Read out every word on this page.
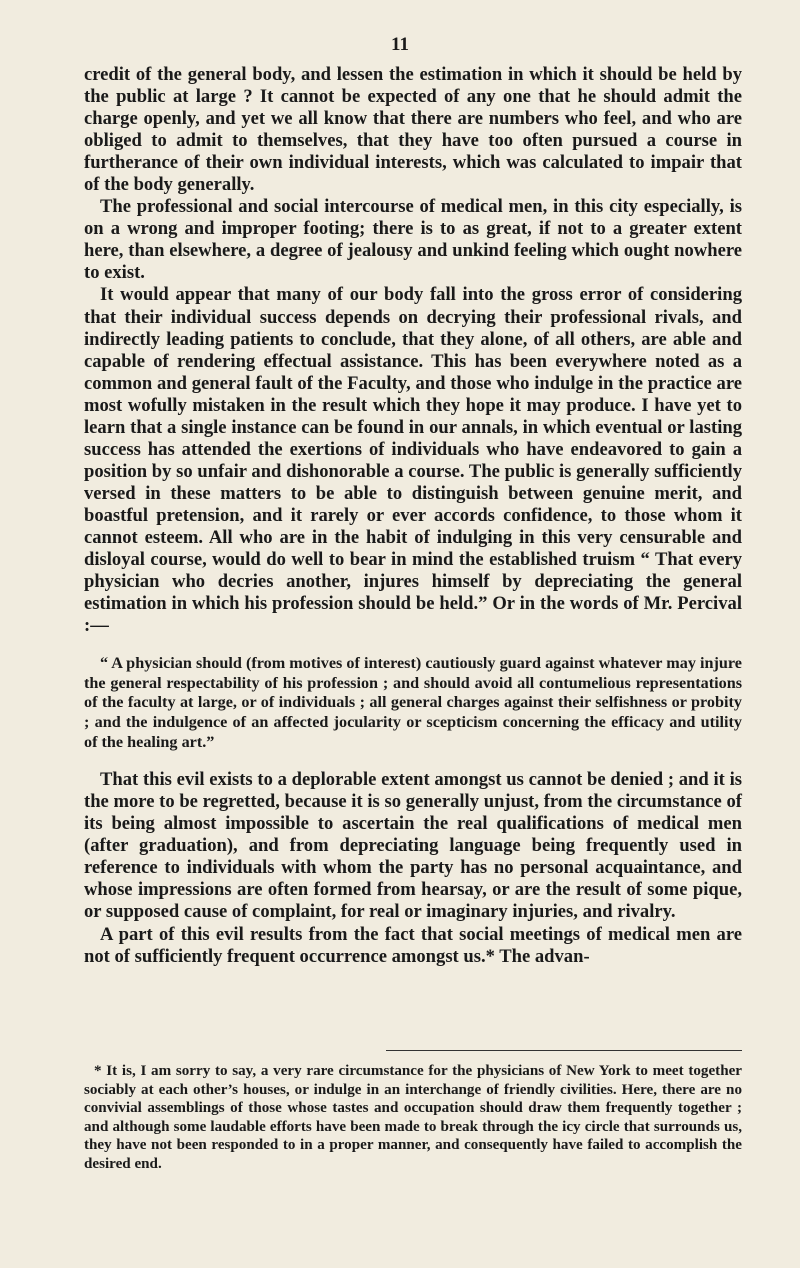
11

credit of the general body, and lessen the estimation in which it should be held by the public at large ? It cannot be expected of any one that he should admit the charge openly, and yet we all know that there are numbers who feel, and who are obliged to admit to themselves, that they have too often pursued a course in furtherance of their own individual interests, which was calculated to impair that of the body generally.

The professional and social intercourse of medical men, in this city especially, is on a wrong and improper footing; there is to as great, if not to a greater extent here, than elsewhere, a degree of jealousy and unkind feeling which ought nowhere to exist.

It would appear that many of our body fall into the gross error of considering that their individual success depends on decrying their professional rivals, and indirectly leading patients to conclude, that they alone, of all others, are able and capable of rendering effectual assistance. This has been everywhere noted as a common and general fault of the Faculty, and those who indulge in the practice are most wofully mistaken in the result which they hope it may produce. I have yet to learn that a single instance can be found in our annals, in which eventual or lasting success has attended the exertions of individuals who have endeavored to gain a position by so unfair and dishonorable a course. The public is generally sufficiently versed in these matters to be able to distinguish between genuine merit, and boastful pretension, and it rarely or ever accords confidence, to those whom it cannot esteem. All who are in the habit of indulging in this very censurable and disloyal course, would do well to bear in mind the established truism “ That every physician who decries another, injures himself by depreciating the general estimation in which his profession should be held.” Or in the words of Mr. Percival :—

“ A physician should (from motives of interest) cautiously guard against whatever may injure the general respectability of his profession ; and should avoid all contumelious representations of the faculty at large, or of individuals ; all general charges against their selfishness or probity ; and the indulgence of an affected jocularity or scepticism concerning the efficacy and utility of the healing art.”

That this evil exists to a deplorable extent amongst us cannot be denied ; and it is the more to be regretted, because it is so generally unjust, from the circumstance of its being almost impossible to ascertain the real qualifications of medical men (after graduation), and from depreciating language being frequently used in reference to individuals with whom the party has no personal acquaintance, and whose impressions are often formed from hearsay, or are the result of some pique, or supposed cause of complaint, for real or imaginary injuries, and rivalry.

A part of this evil results from the fact that social meetings of medical men are not of sufficiently frequent occurrence amongst us.* The advan-

* It is, I am sorry to say, a very rare circumstance for the physicians of New York to meet together sociably at each other’s houses, or indulge in an interchange of friendly civilities. Here, there are no convivial assemblings of those whose tastes and occupation should draw them frequently together ; and although some laudable efforts have been made to break through the icy circle that surrounds us, they have not been responded to in a proper manner, and consequently have failed to accomplish the desired end.
